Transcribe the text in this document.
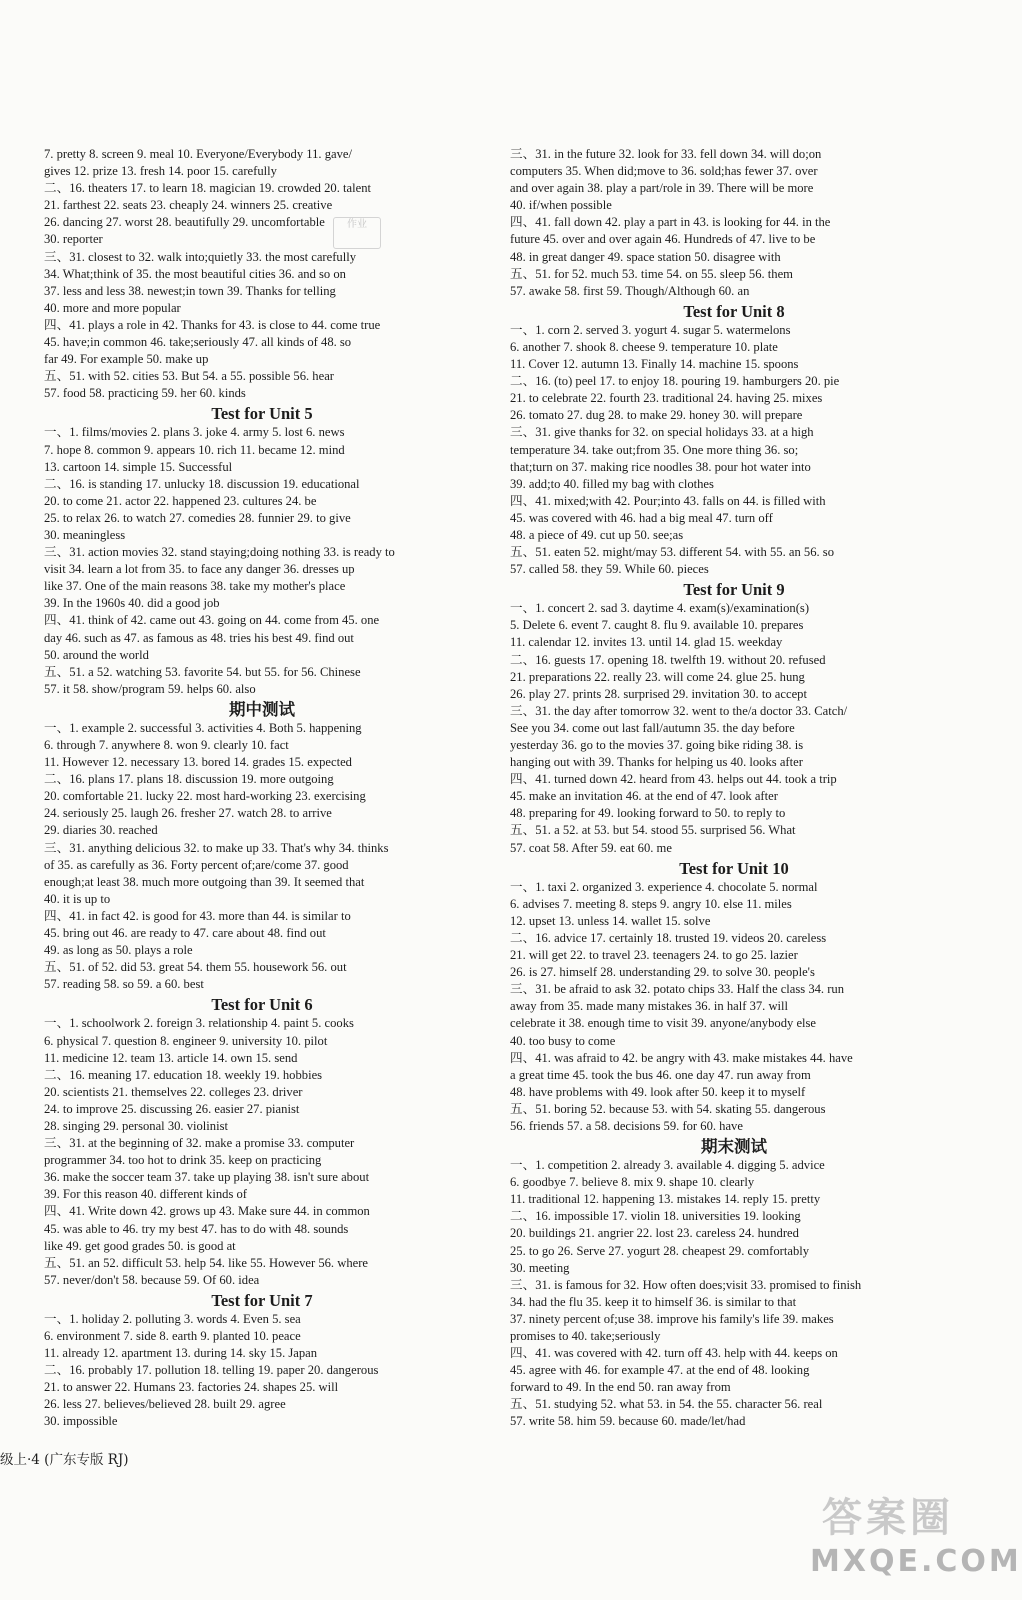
7. pretty 8. screen 9. meal 10. Everyone/Everybody 11. gave/
gives 12. prize 13. fresh 14. poor 15. carefully
二、16. theaters 17. to learn 18. magician 19. crowded 20. talent
21. farthest 22. seats 23. cheaply 24. winners 25. creative
26. dancing 27. worst 28. beautifully 29. uncomfortable
30. reporter
三、31. closest to 32. walk into;quietly 33. the most carefully
34. What;think of 35. the most beautiful cities 36. and so on
37. less and less 38. newest;in town 39. Thanks for telling
40. more and more popular
四、41. plays a role in 42. Thanks for 43. is close to 44. come true
45. have;in common 46. take;seriously 47. all kinds of 48. so
far 49. For example 50. make up
五、51. with 52. cities 53. But 54. a 55. possible 56. hear
57. food 58. practicing 59. her 60. kinds
Test for Unit 5
一、1. films/movies 2. plans 3. joke 4. army 5. lost 6. news
7. hope 8. common 9. appears 10. rich 11. became 12. mind
13. cartoon 14. simple 15. Successful
二、16. is standing 17. unlucky 18. discussion 19. educational
20. to come 21. actor 22. happened 23. cultures 24. be
25. to relax 26. to watch 27. comedies 28. funnier 29. to give
30. meaningless
三、31. action movies 32. stand staying;doing nothing 33. is ready to
visit 34. learn a lot from 35. to face any danger 36. dresses up
like 37. One of the main reasons 38. take my mother's place
39. In the 1960s 40. did a good job
四、41. think of 42. came out 43. going on 44. come from 45. one
day 46. such as 47. as famous as 48. tries his best 49. find out
50. around the world
五、51. a 52. watching 53. favorite 54. but 55. for 56. Chinese
57. it 58. show/program 59. helps 60. also
期中测试
一、1. example 2. successful 3. activities 4. Both 5. happening
6. through 7. anywhere 8. won 9. clearly 10. fact
11. However 12. necessary 13. bored 14. grades 15. expected
二、16. plans 17. plans 18. discussion 19. more outgoing
20. comfortable 21. lucky 22. most hard-working 23. exercising
24. seriously 25. laugh 26. fresher 27. watch 28. to arrive
29. diaries 30. reached
三、31. anything delicious 32. to make up 33. That's why 34. thinks
of 35. as carefully as 36. Forty percent of;are/come 37. good
enough;at least 38. much more outgoing than 39. It seemed that
40. it is up to
四、41. in fact 42. is good for 43. more than 44. is similar to
45. bring out 46. are ready to 47. care about 48. find out
49. as long as 50. plays a role
五、51. of 52. did 53. great 54. them 55. housework 56. out
57. reading 58. so 59. a 60. best
Test for Unit 6
一、1. schoolwork 2. foreign 3. relationship 4. paint 5. cooks
6. physical 7. question 8. engineer 9. university 10. pilot
11. medicine 12. team 13. article 14. own 15. send
二、16. meaning 17. education 18. weekly 19. hobbies
20. scientists 21. themselves 22. colleges 23. driver
24. to improve 25. discussing 26. easier 27. pianist
28. singing 29. personal 30. violinist
三、31. at the beginning of 32. make a promise 33. computer
programmer 34. too hot to drink 35. keep on practicing
36. make the soccer team 37. take up playing 38. isn't sure about
39. For this reason 40. different kinds of
四、41. Write down 42. grows up 43. Make sure 44. in common
45. was able to 46. try my best 47. has to do with 48. sounds
like 49. get good grades 50. is good at
五、51. an 52. difficult 53. help 54. like 55. However 56. where
57. never/don't 58. because 59. Of 60. idea
Test for Unit 7
一、1. holiday 2. polluting 3. words 4. Even 5. sea
6. environment 7. side 8. earth 9. planted 10. peace
11. already 12. apartment 13. during 14. sky 15. Japan
二、16. probably 17. pollution 18. telling 19. paper 20. dangerous
21. to answer 22. Humans 23. factories 24. shapes 25. will
26. less 27. believes/believed 28. built 29. agree
30. impossible
三、31. in the future 32. look for 33. fell down 34. will do;on
computers 35. When did;move to 36. sold;has fewer 37. over
and over again 38. play a part/role in 39. There will be more
40. if/when possible
四、41. fall down 42. play a part in 43. is looking for 44. in the
future 45. over and over again 46. Hundreds of 47. live to be
48. in great danger 49. space station 50. disagree with
五、51. for 52. much 53. time 54. on 55. sleep 56. them
57. awake 58. first 59. Though/Although 60. an
Test for Unit 8
一、1. corn 2. served 3. yogurt 4. sugar 5. watermelons
6. another 7. shook 8. cheese 9. temperature 10. plate
11. Cover 12. autumn 13. Finally 14. machine 15. spoons
二、16. (to) peel 17. to enjoy 18. pouring 19. hamburgers 20. pie
21. to celebrate 22. fourth 23. traditional 24. having 25. mixes
26. tomato 27. dug 28. to make 29. honey 30. will prepare
三、31. give thanks for 32. on special holidays 33. at a high
temperature 34. take out;from 35. One more thing 36. so;
that;turn on 37. making rice noodles 38. pour hot water into
39. add;to 40. filled my bag with clothes
四、41. mixed;with 42. Pour;into 43. falls on 44. is filled with
45. was covered with 46. had a big meal 47. turn off
48. a piece of 49. cut up 50. see;as
五、51. eaten 52. might/may 53. different 54. with 55. an 56. so
57. called 58. they 59. While 60. pieces
Test for Unit 9
一、1. concert 2. sad 3. daytime 4. exam(s)/examination(s)
5. Delete 6. event 7. caught 8. flu 9. available 10. prepares
11. calendar 12. invites 13. until 14. glad 15. weekday
二、16. guests 17. opening 18. twelfth 19. without 20. refused
21. preparations 22. really 23. will come 24. glue 25. hung
26. play 27. prints 28. surprised 29. invitation 30. to accept
三、31. the day after tomorrow 32. went to the/a doctor 33. Catch/
See you 34. come out last fall/autumn 35. the day before
yesterday 36. go to the movies 37. going bike riding 38. is
hanging out with 39. Thanks for helping us 40. looks after
四、41. turned down 42. heard from 43. helps out 44. took a trip
45. make an invitation 46. at the end of 47. look after
48. preparing for 49. looking forward to 50. to reply to
五、51. a 52. at 53. but 54. stood 55. surprised 56. What
57. coat 58. After 59. eat 60. me
Test for Unit 10
一、1. taxi 2. organized 3. experience 4. chocolate 5. normal
6. advises 7. meeting 8. steps 9. angry 10. else 11. miles
12. upset 13. unless 14. wallet 15. solve
二、16. advice 17. certainly 18. trusted 19. videos 20. careless
21. will get 22. to travel 23. teenagers 24. to go 25. lazier
26. is 27. himself 28. understanding 29. to solve 30. people's
三、31. be afraid to ask 32. potato chips 33. Half the class 34. run
away from 35. made many mistakes 36. in half 37. will
celebrate it 38. enough time to visit 39. anyone/anybody else
40. too busy to come
四、41. was afraid to 42. be angry with 43. make mistakes 44. have
a great time 45. took the bus 46. one day 47. run away from
48. have problems with 49. look after 50. keep it to myself
五、51. boring 52. because 53. with 54. skating 55. dangerous
56. friends 57. a 58. decisions 59. for 60. have
期末测试
一、1. competition 2. already 3. available 4. digging 5. advice
6. goodbye 7. believe 8. mix 9. shape 10. clearly
11. traditional 12. happening 13. mistakes 14. reply 15. pretty
二、16. impossible 17. violin 18. universities 19. looking
20. buildings 21. angrier 22. lost 23. careless 24. hundred
25. to go 26. Serve 27. yogurt 28. cheapest 29. comfortably
30. meeting
三、31. is famous for 32. How often does;visit 33. promised to finish
34. had the flu 35. keep it to himself 36. is similar to that
37. ninety percent of;use 38. improve his family's life 39. makes
promises to 40. take;seriously
四、41. was covered with 42. turn off 43. help with 44. keeps on
45. agree with 46. for example 47. at the end of 48. looking
forward to 49. In the end 50. ran away from
五、51. studying 52. what 53. in 54. the 55. character 56. real
57. write 58. him 59. because 60. made/let/had
作业
级上·4 (广东专版 RJ)
答案圈
MXQE.COM
